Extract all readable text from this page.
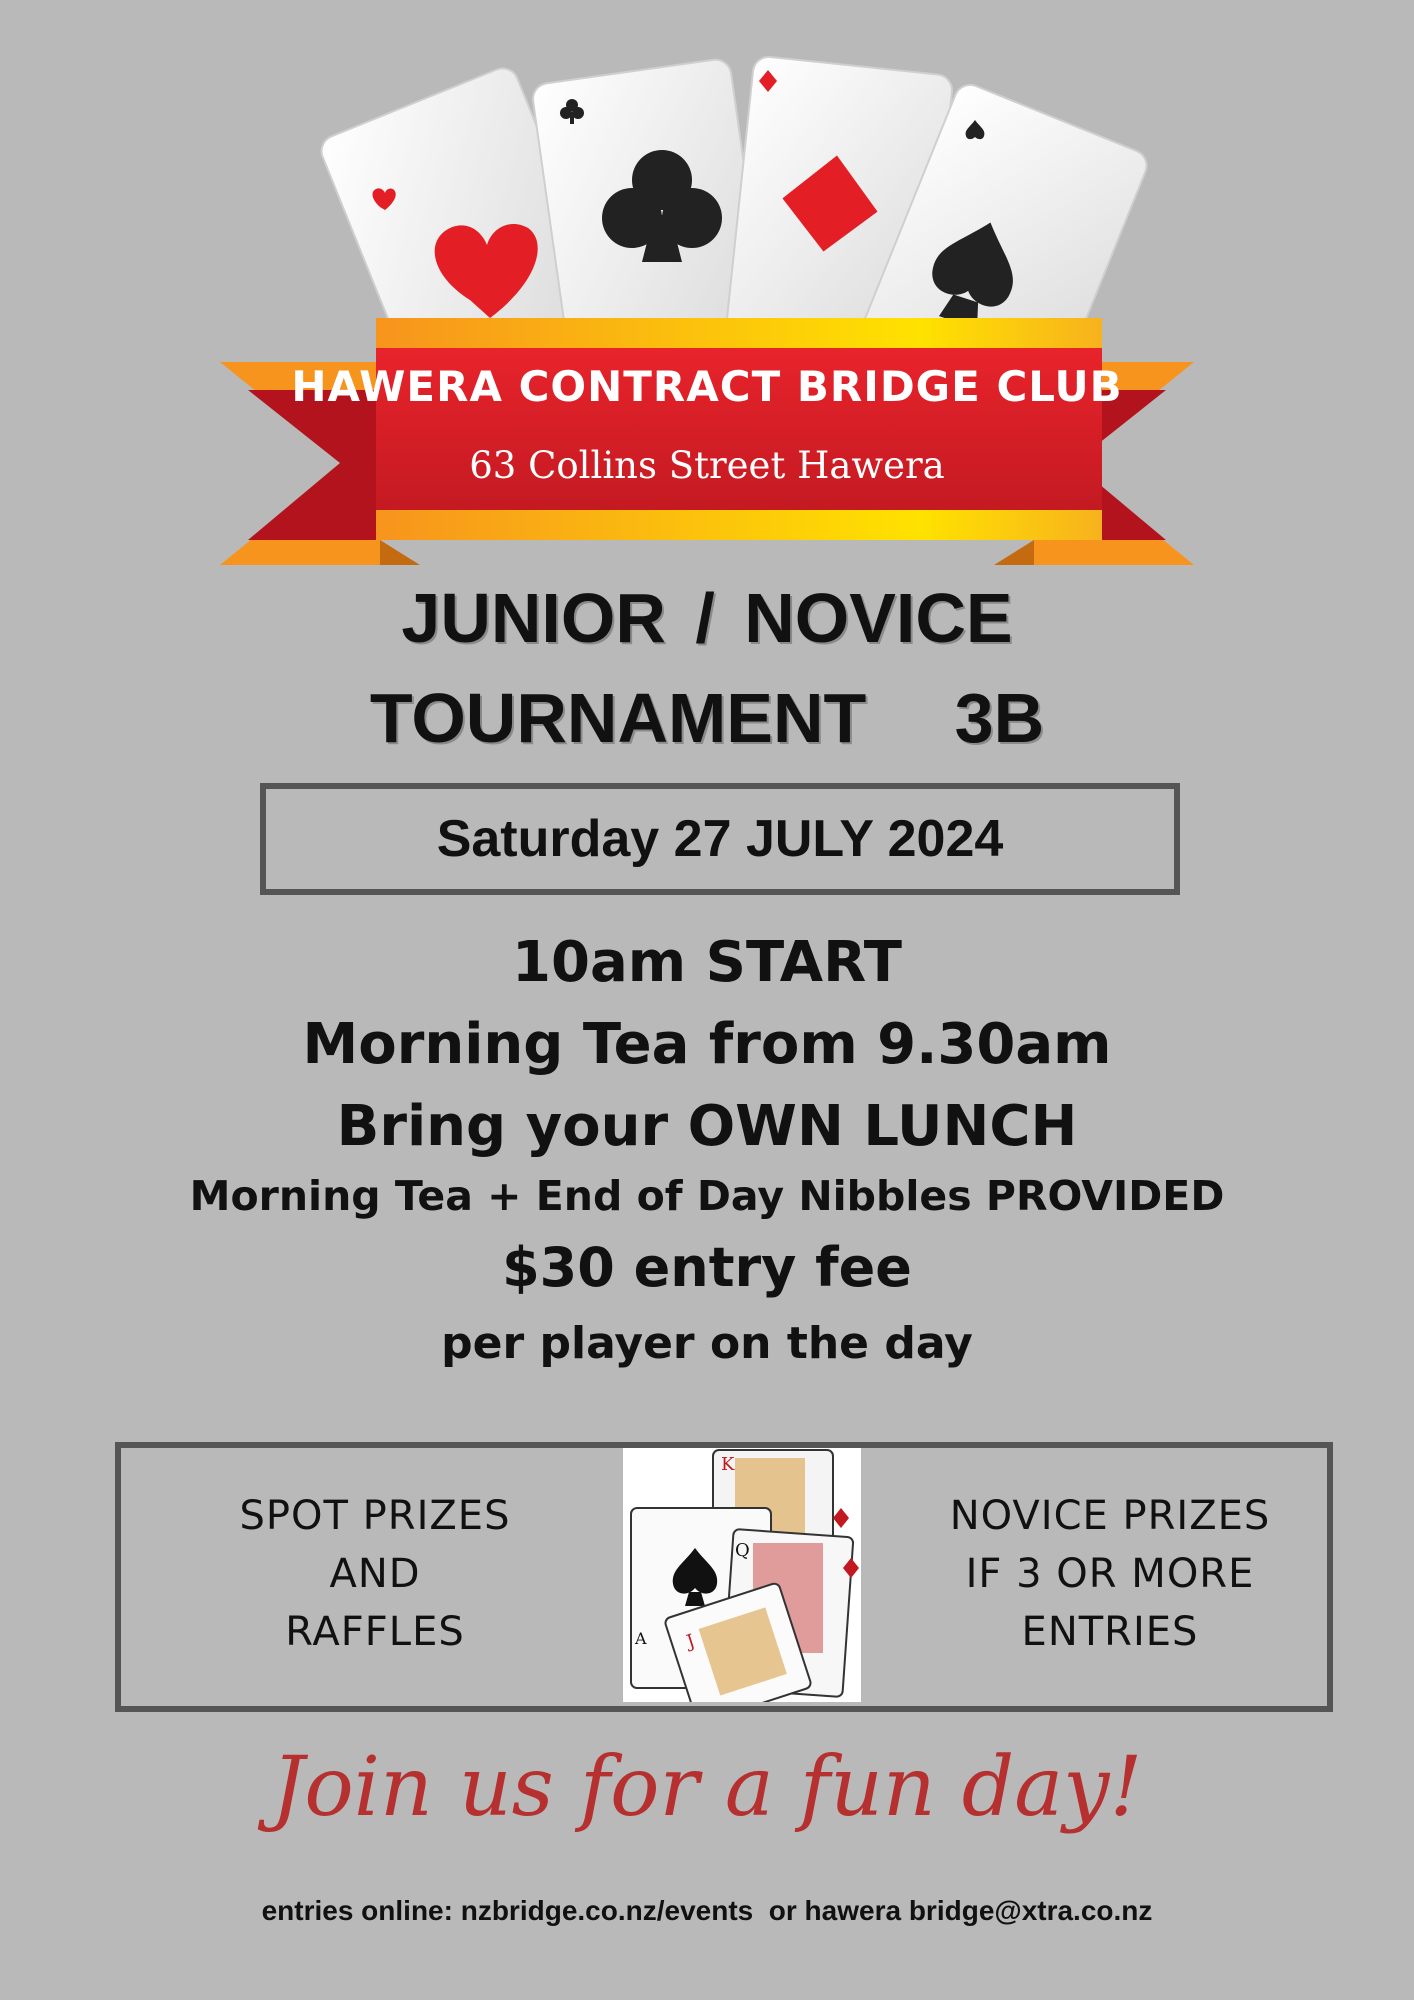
HAWERA CONTRACT BRIDGE CLUB
63 Collins Street Hawera
JUNIOR / NOVICE
TOURNAMENT   3B
Saturday 27 JULY 2024
10am START
Morning Tea from 9.30am
Bring your OWN LUNCH
Morning Tea + End of Day Nibbles PROVIDED
$30 entry fee
per player on the day
SPOT PRIZES
AND
RAFFLES
NOVICE PRIZES
IF 3 OR MORE
ENTRIES
K
A
Q
J
Join us for a fun day!
entries online: nzbridge.co.nz/events  or hawera bridge@xtra.co.nz
